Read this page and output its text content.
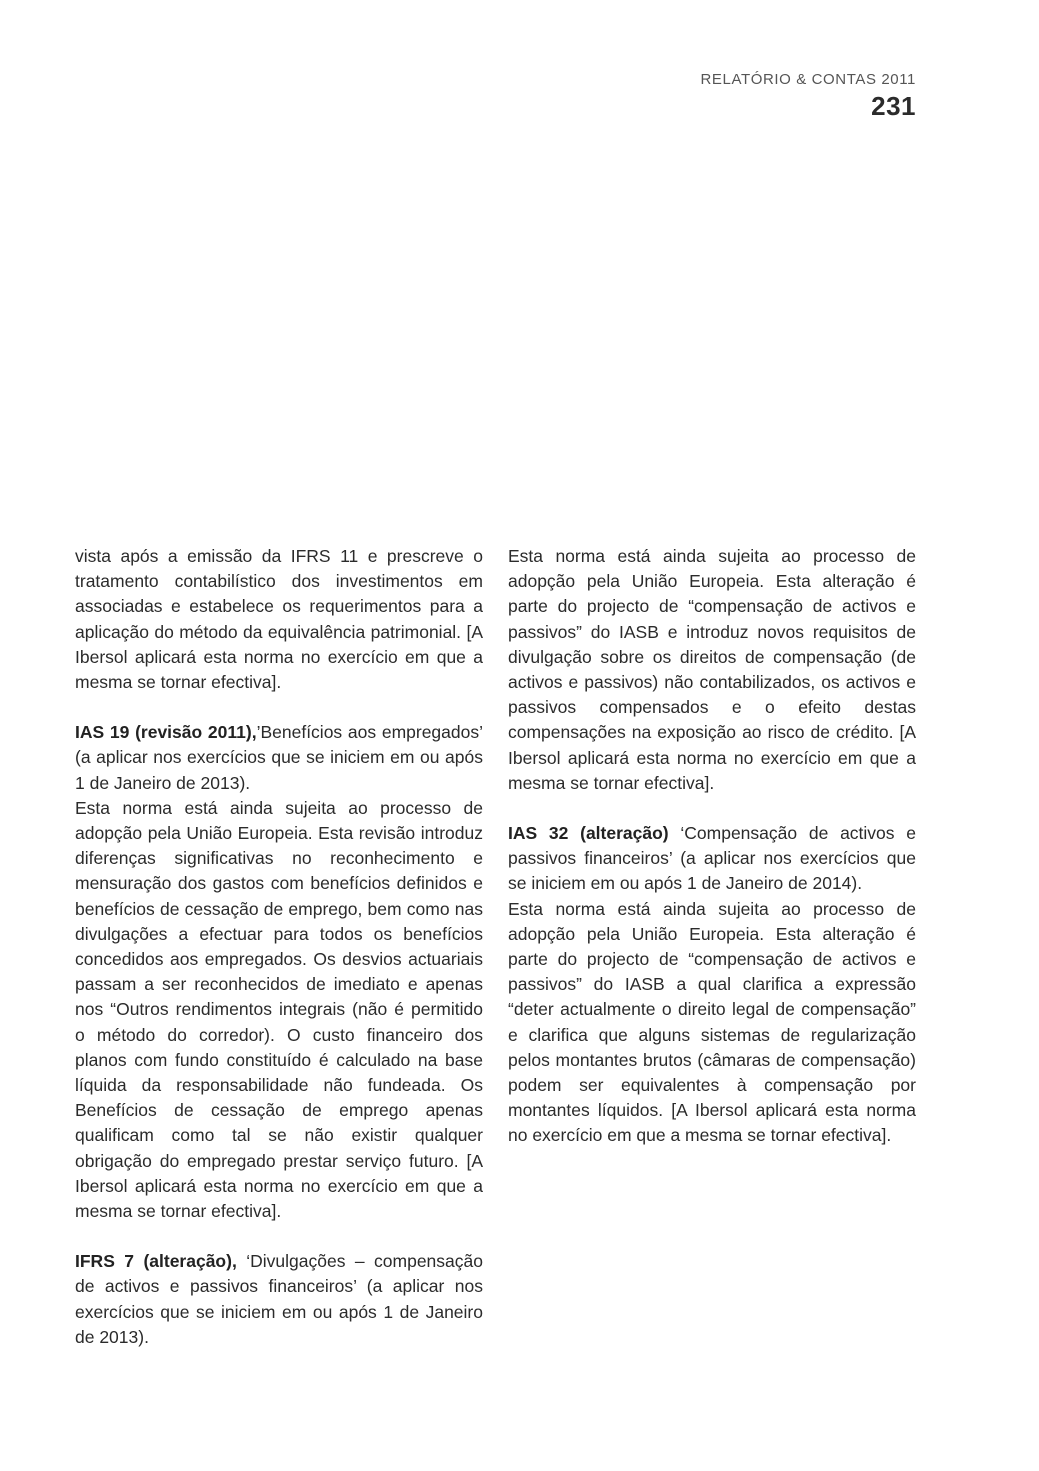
RELATÓRIO & CONTAS 2011
231

vista após a emissão da IFRS 11 e prescreve o tratamento contabilístico dos investimentos em associadas e estabelece os requerimentos para a aplicação do método da equivalência patrimonial. [A Ibersol aplicará esta norma no exercício em que a mesma se tornar efectiva].

IAS 19 (revisão 2011),’Benefícios aos empregados’ (a aplicar nos exercícios que se iniciem em ou após 1 de Janeiro de 2013).

Esta norma está ainda sujeita ao processo de adopção pela União Europeia. Esta revisão introduz diferenças significativas no reconhecimento e mensuração dos gastos com benefícios definidos e benefícios de cessação de emprego, bem como nas divulgações a efectuar para todos os benefícios concedidos aos empregados. Os desvios actuariais passam a ser reconhecidos de imediato e apenas nos “Outros rendimentos integrais (não é permitido o método do corredor). O custo financeiro dos planos com fundo constituído é calculado na base líquida da responsabilidade não fundeada. Os Benefícios de cessação de emprego apenas qualificam como tal se não existir qualquer obrigação do empregado prestar serviço futuro. [A Ibersol aplicará esta norma no exercício em que a mesma se tornar efectiva].

IFRS 7 (alteração), ‘Divulgações – compensação de activos e passivos financeiros’ (a aplicar nos exercícios que se iniciem em ou após 1 de Janeiro de 2013).

Esta norma está ainda sujeita ao processo de adopção pela União Europeia. Esta alteração é parte do projecto de “compensação de activos e passivos” do IASB e introduz novos requisitos de divulgação sobre os direitos de compensação (de activos e passivos) não contabilizados, os activos e passivos compensados e o efeito destas compensações na exposição ao risco de crédito. [A Ibersol aplicará esta norma no exercício em que a mesma se tornar efectiva].

IAS 32 (alteração) ‘Compensação de activos e passivos financeiros’ (a aplicar nos exercícios que se iniciem em ou após 1 de Janeiro de 2014).

Esta norma está ainda sujeita ao processo de adopção pela União Europeia. Esta alteração é parte do projecto de “compensação de activos e passivos” do IASB a qual clarifica a expressão “deter actualmente o direito legal de compensação” e clarifica que alguns sistemas de regularização pelos montantes brutos (câmaras de compensação) podem ser equivalentes à compensação por montantes líquidos. [A Ibersol aplicará esta norma no exercício em que a mesma se tornar efectiva].
